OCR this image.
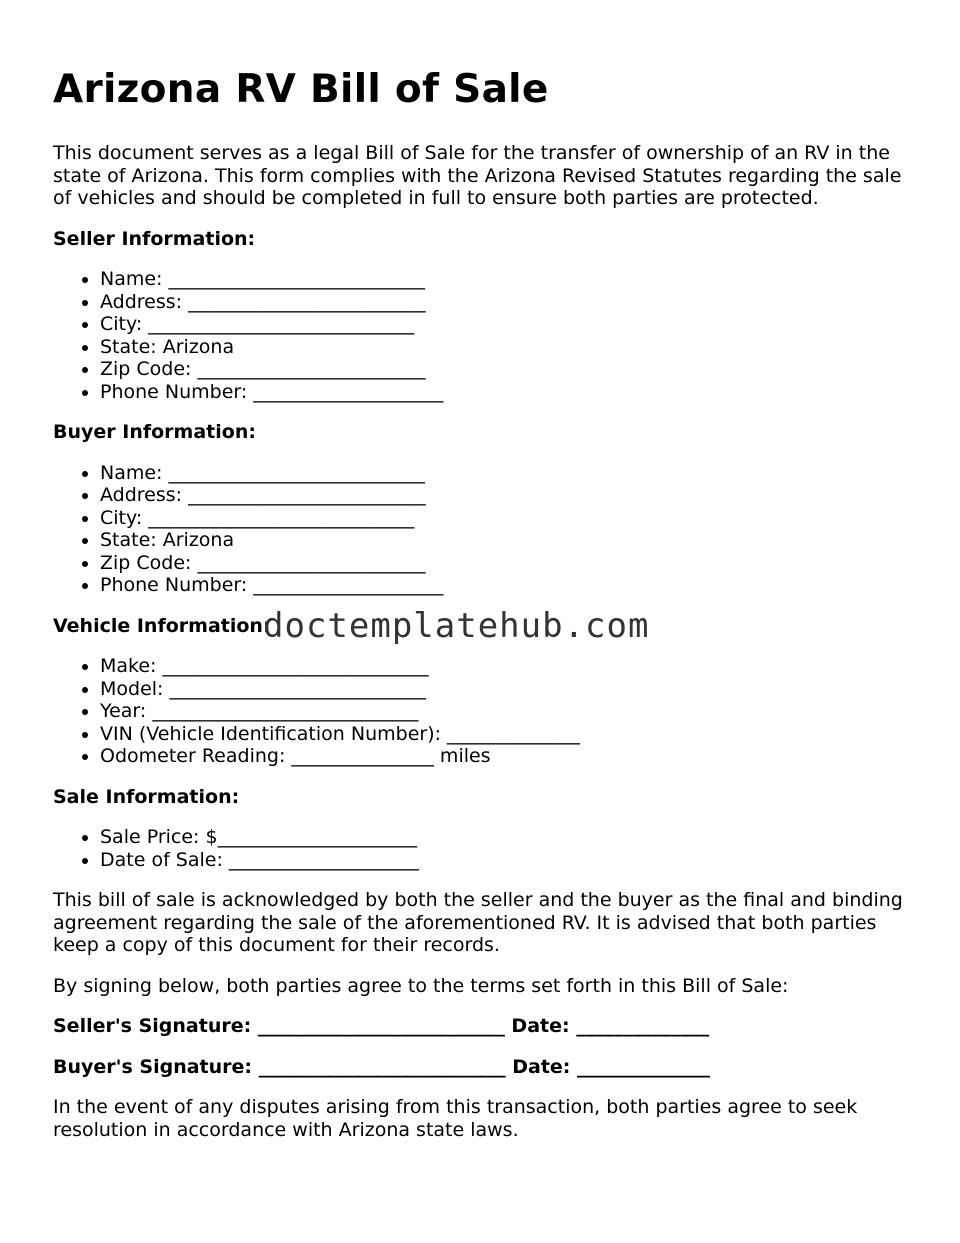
Arizona RV Bill of Sale

This document serves as a legal Bill of Sale for the transfer of ownership of an RV in the state of Arizona. This form complies with the Arizona Revised Statutes regarding the sale of vehicles and should be completed in full to ensure both parties are protected.

Seller Information:
• Name: ___________________________
• Address: _________________________
• City: ____________________________
• State: Arizona
• Zip Code: ________________________
• Phone Number: ____________________
Buyer Information:
• Name: ___________________________
• Address: _________________________
• City: ____________________________
• State: Arizona
• Zip Code: ________________________
• Phone Number: ____________________
Vehicle Information:
doctemplatehub.com
• Make: ____________________________
• Model: ___________________________
• Year: ____________________________
• VIN (Vehicle Identification Number): ______________
• Odometer Reading: _______________ miles
Sale Information:
• Sale Price: $_____________________
• Date of Sale: ____________________

This bill of sale is acknowledged by both the seller and the buyer as the final and binding agreement regarding the sale of the aforementioned RV. It is advised that both parties keep a copy of this document for their records.

By signing below, both parties agree to the terms set forth in this Bill of Sale:

Seller's Signature: __________________________ Date: ______________
Buyer's Signature: __________________________ Date: ______________

In the event of any disputes arising from this transaction, both parties agree to seek resolution in accordance with Arizona state laws.
